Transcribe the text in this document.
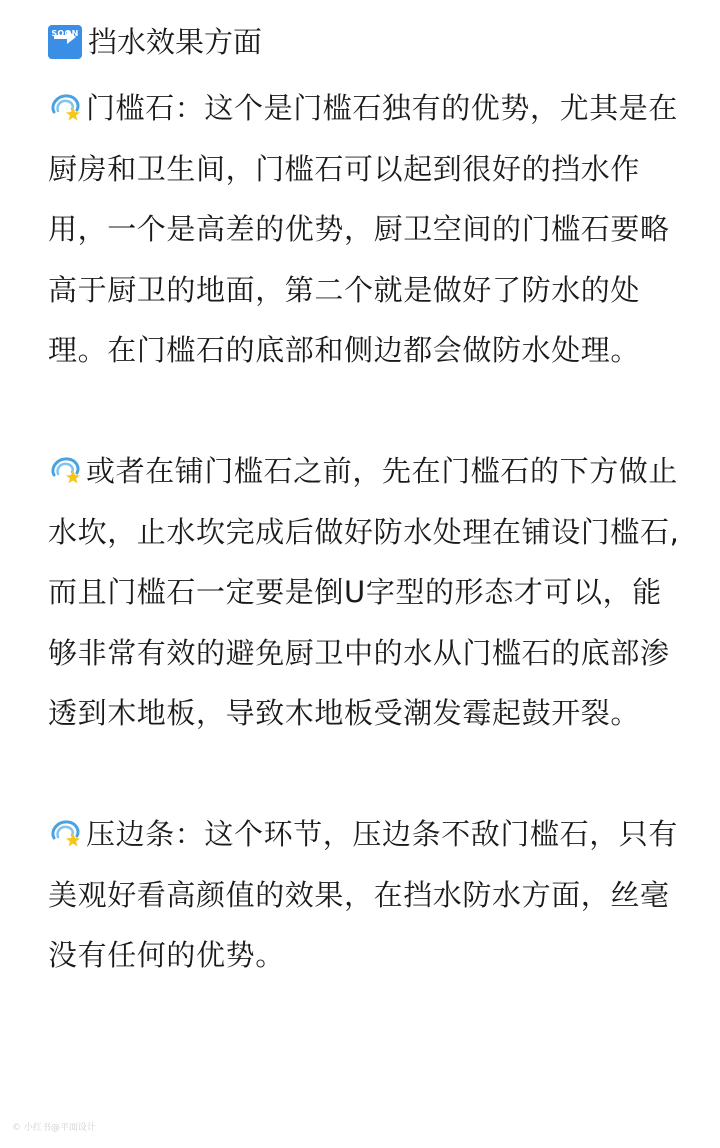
SOON 挡水效果方面

门槛石：这个是门槛石独有的优势，尤其是在厨房和卫生间，门槛石可以起到很好的挡水作用，一个是高差的优势，厨卫空间的门槛石要略高于厨卫的地面，第二个就是做好了防水的处理。在门槛石的底部和侧边都会做防水处理。

或者在铺门槛石之前，先在门槛石的下方做止水坎，止水坎完成后做好防水处理在铺设门槛石,而且门槛石一定要是倒U字型的形态才可以，能够非常有效的避免厨卫中的水从门槛石的底部渗透到木地板，导致木地板受潮发霉起鼓开裂。

压边条：这个环节，压边条不敌门槛石，只有美观好看高颜值的效果，在挡水防水方面，丝毫没有任何的优势。

© 小红书@平面设计
